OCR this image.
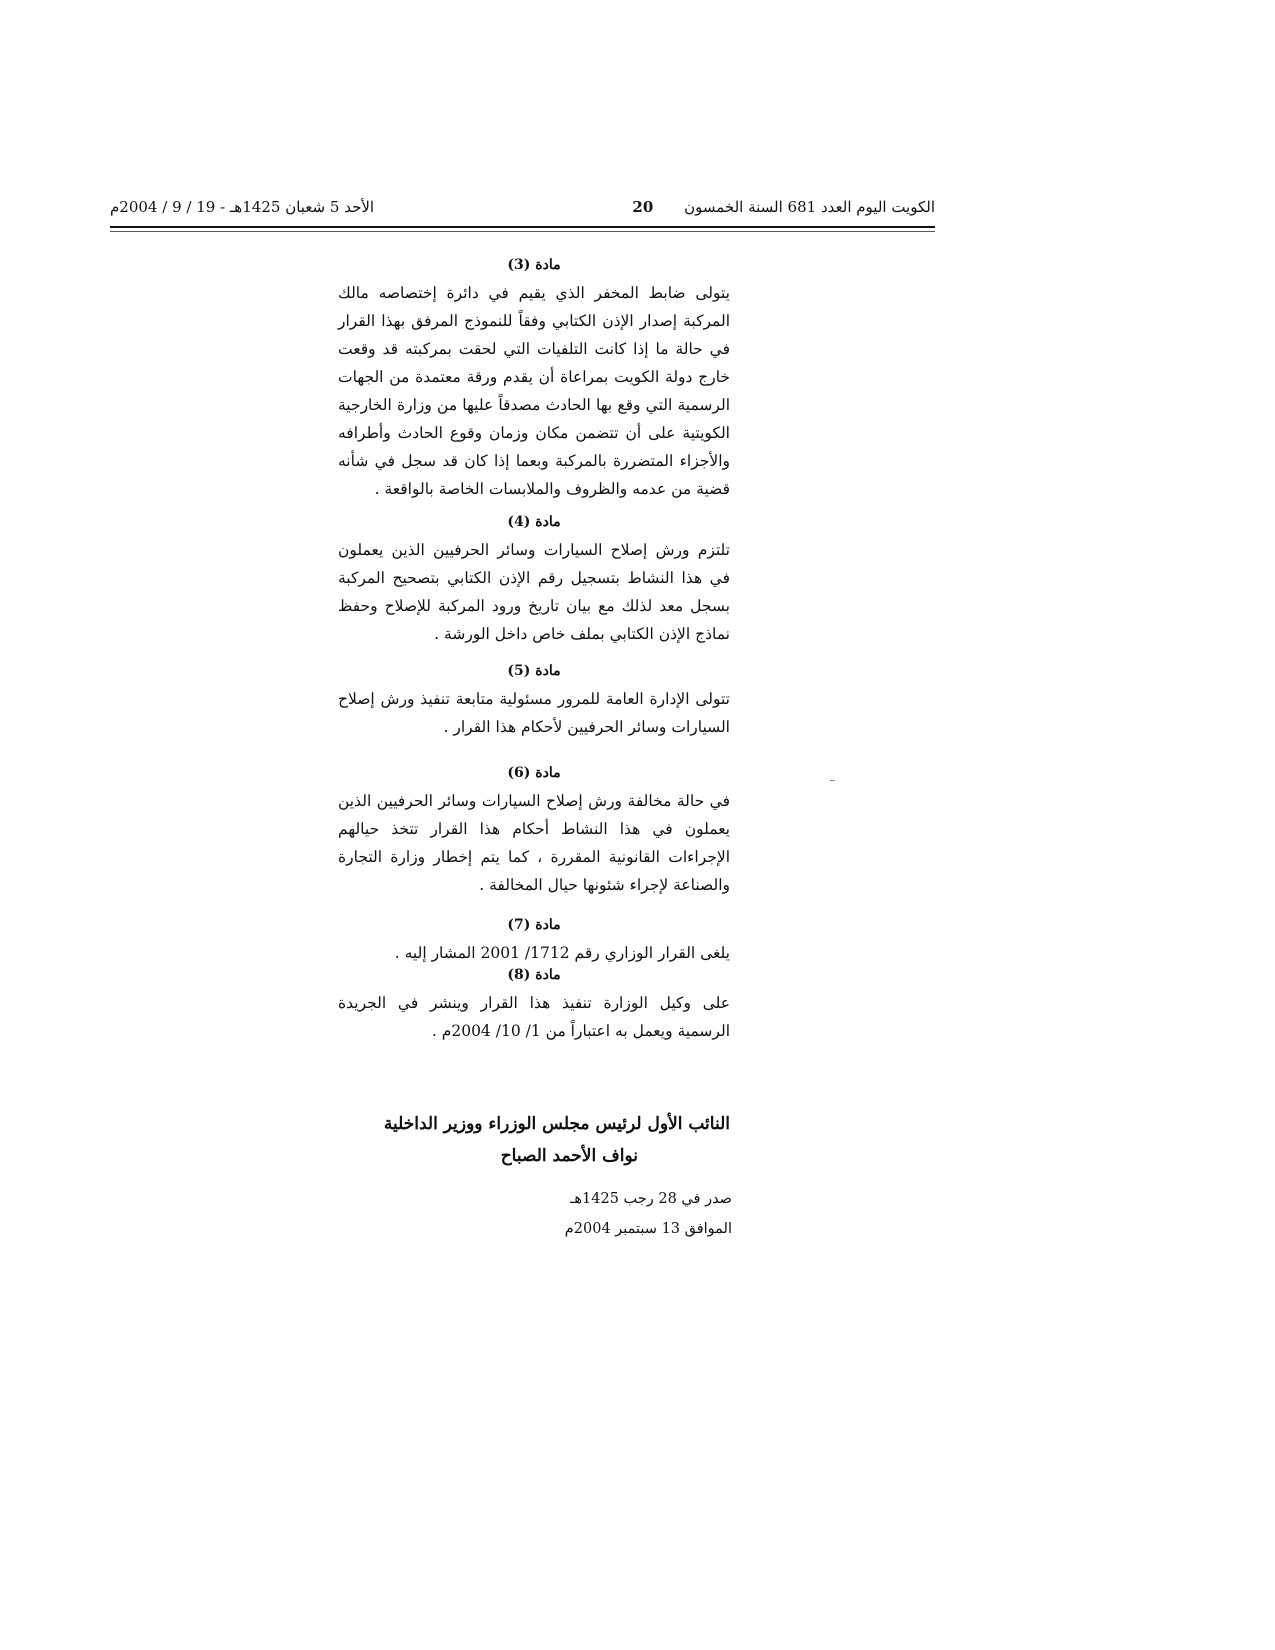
الكويت اليوم العدد 681 السنة الخمسون 20
الأحد 5 شعبان 1425هـ - 19 / 9 / 2004م
مادة (3)

يتولى ضابط المخفر الذي يقيم في دائرة إختصاصه مالك المركبة إصدار الإذن الكتابي وفقاً للنموذج المرفق بهذا القرار في حالة ما إذا كانت التلفيات التي لحقت بمركبته قد وقعت خارج دولة الكويت بمراعاة أن يقدم ورقة معتمدة من الجهات الرسمية التي وقع بها الحادث مصدقاً عليها من وزارة الخارجية الكويتية على أن تتضمن مكان وزمان وقوع الحادث وأطرافه والأجزاء المتضررة بالمركبة وبعما إذا كان قد سجل في شأنه قضية من عدمه والظروف والملابسات الخاصة بالواقعة .

مادة (4)

تلتزم ورش إصلاح السيارات وسائر الحرفيين الذين يعملون في هذا النشاط بتسجيل رقم الإذن الكتابي بتصحيح المركبة بسجل معد لذلك مع بيان تاريخ ورود المركبة للإصلاح وحفظ نماذج الإذن الكتابي بملف خاص داخل الورشة .

مادة (5)

تتولى الإدارة العامة للمرور مسئولية متابعة تنفيذ ورش إصلاح السيارات وسائر الحرفيين لأحكام هذا القرار .

مادة (6)

في حالة مخالفة ورش إصلاح السيارات وسائر الحرفيين الذين يعملون في هذا النشاط أحكام هذا القرار تتخذ حيالهم الإجراءات القانونية المقررة ، كما يتم إخطار وزارة التجارة والصناعة لإجراء شئونها حيال المخالفة .

مادة (7)

يلغى القرار الوزاري رقم 1712/ 2001 المشار إليه .

مادة (8)

على وكيل الوزارة تنفيذ هذا القرار وينشر في الجريدة الرسمية ويعمل به اعتباراً من 1/ 10/ 2004م .

النائب الأول لرئيس مجلس الوزراء ووزير الداخلية
نواف الأحمد الصباح
صدر في 28 رجب 1425هـ
الموافق 13 سبتمبر 2004م
